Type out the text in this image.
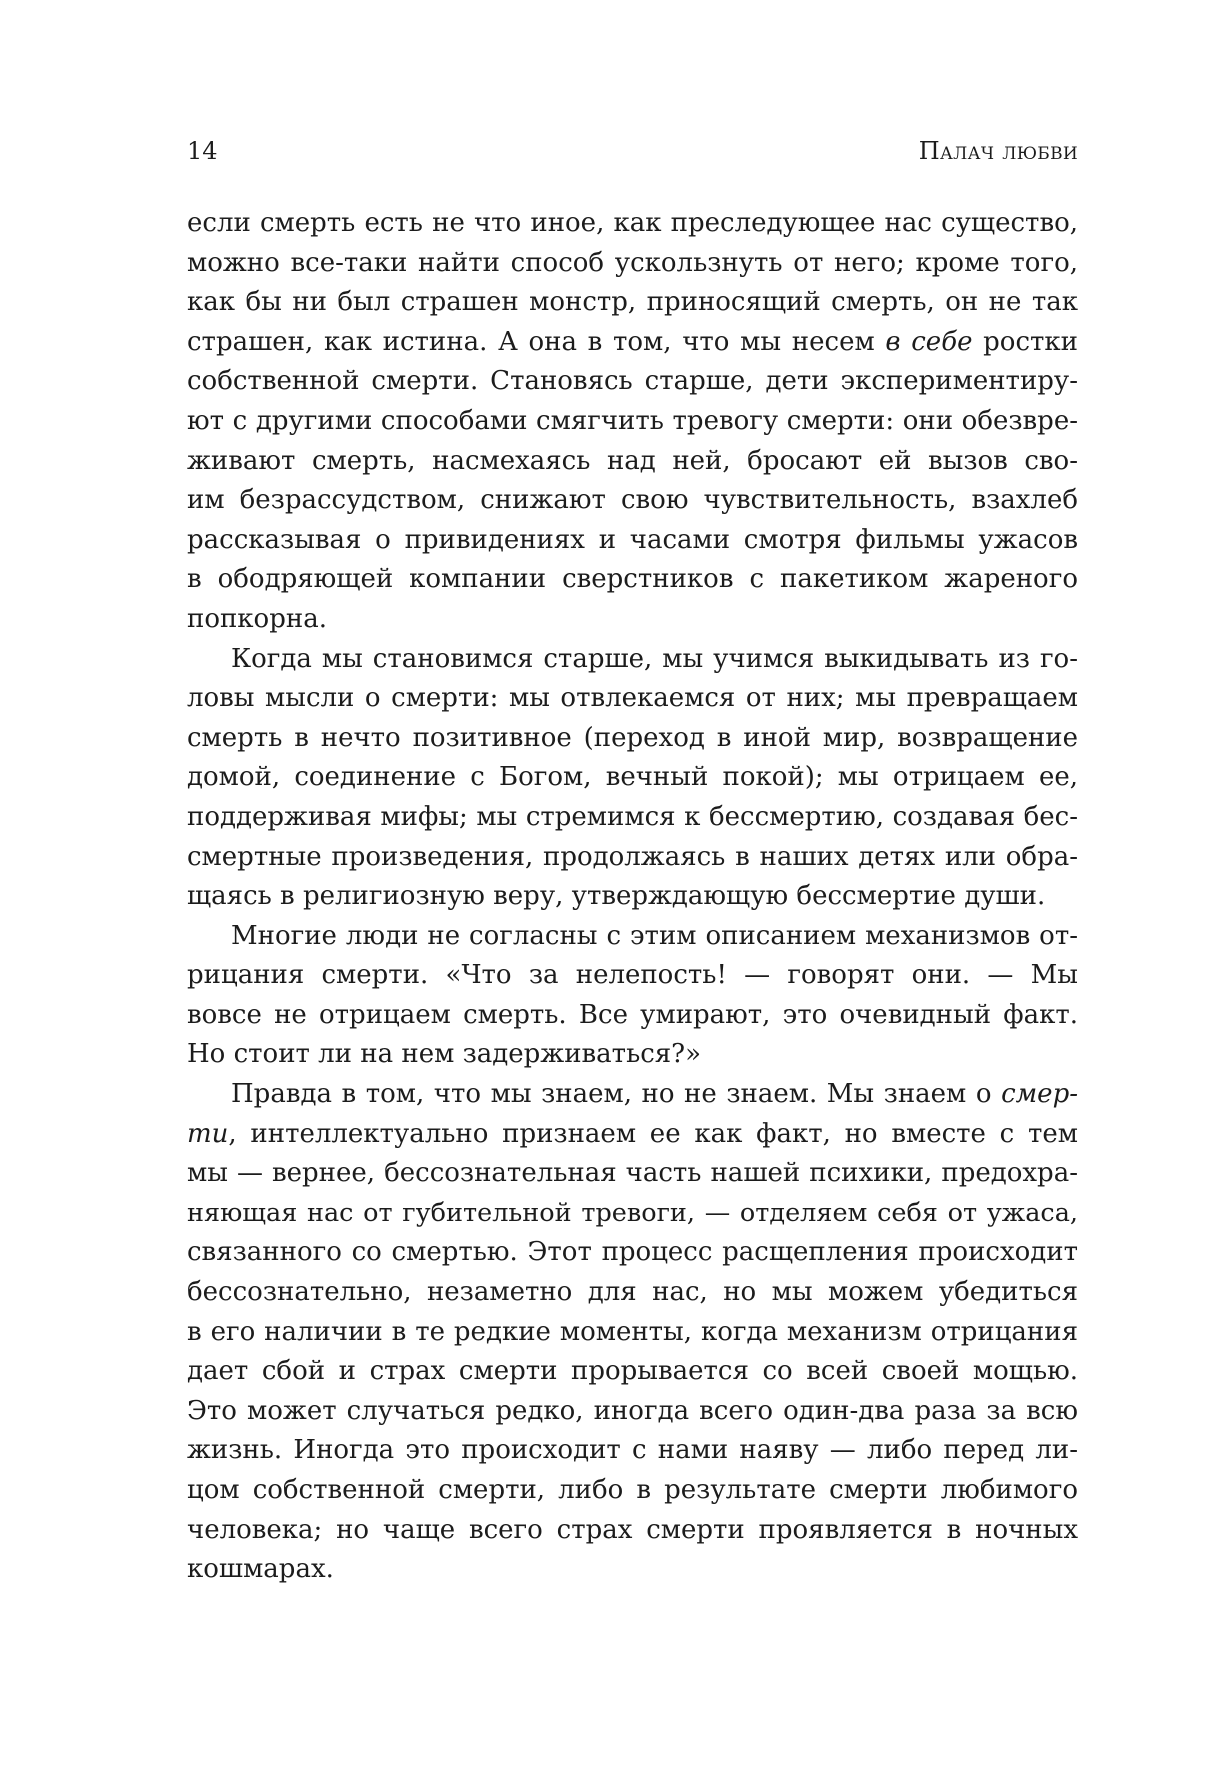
14	Палач любви
если смерть есть не что иное, как преследующее нас существо,
можно все-таки найти способ ускользнуть от него; кроме того,
как бы ни был страшен монстр, приносящий смерть, он не так
страшен, как истина. А она в том, что мы несем в себе ростки
собственной смерти. Становясь старше, дети экспериментиру-
ют с другими способами смягчить тревогу смерти: они обезвре-
живают смерть, насмехаясь над ней, бросают ей вызов сво-
им безрассудством, снижают свою чувствительность, взахлеб
рассказывая о привидениях и часами смотря фильмы ужасов
в ободряющей компании сверстников с пакетиком жареного
попкорна.
Когда мы становимся старше, мы учимся выкидывать из го-
ловы мысли о смерти: мы отвлекаемся от них; мы превращаем
смерть в нечто позитивное (переход в иной мир, возвращение
домой, соединение с Богом, вечный покой); мы отрицаем ее,
поддерживая мифы; мы стремимся к бессмертию, создавая бес-
смертные произведения, продолжаясь в наших детях или обра-
щаясь в религиозную веру, утверждающую бессмертие души.
Многие люди не согласны с этим описанием механизмов от-
рицания смерти. «Что за нелепость! — говорят они. — Мы
вовсе не отрицаем смерть. Все умирают, это очевидный факт.
Но стоит ли на нем задерживаться?»
Правда в том, что мы знаем, но не знаем. Мы знаем о смер-
ти, интеллектуально признаем ее как факт, но вместе с тем
мы — вернее, бессознательная часть нашей психики, предохра-
няющая нас от губительной тревоги, — отделяем себя от ужаса,
связанного со смертью. Этот процесс расщепления происходит
бессознательно, незаметно для нас, но мы можем убедиться
в его наличии в те редкие моменты, когда механизм отрицания
дает сбой и страх смерти прорывается со всей своей мощью.
Это может случаться редко, иногда всего один-два раза за всю
жизнь. Иногда это происходит с нами наяву — либо перед ли-
цом собственной смерти, либо в результате смерти любимого
человека; но чаще всего страх смерти проявляется в ночных
кошмарах.
